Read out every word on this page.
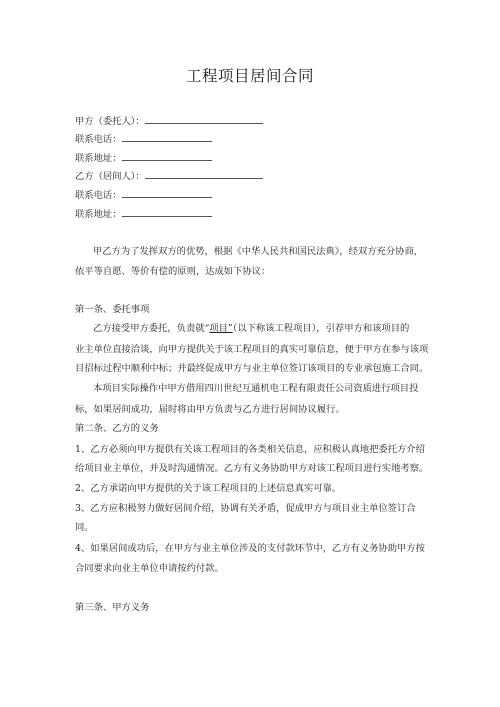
工程项目居间合同
甲方（委托人）：
联系电话：
联系地址：
乙方（居间人）：
联系电话：
联系地址：
甲乙方为了发挥双方的优势，根据《中华人民共和国民法典》，经双方充分协商，
依平等自愿、等价有偿的原则，达成如下协议：
第一条、委托事项
乙方接受甲方委托，负责就“项目”（以下称该工程项目），引荐甲方和该项目的
业主单位直接洽谈，向甲方提供关于该工程项目的真实可靠信息，便于甲方在参与该项
目招标过程中顺利中标；并最终促成甲方与业主单位签订该项目的专业承包施工合同。
本项目实际操作中甲方借用四川世纪互通机电工程有限责任公司资质进行项目投
标，如果居间成功，届时将由甲方负责与乙方进行居间协议履行。
第二条、乙方的义务
1、乙方必须向甲方提供有关该工程项目的各类相关信息，应积极认真地把委托方介绍
给项目业主单位，并及时沟通情况。乙方有义务协助甲方对该工程项目进行实地考察。
2、乙方承诺向甲方提供的关于该工程项目的上述信息真实可靠。
3、乙方应积极努力做好居间介绍，协调有关矛盾，促成甲方与项目业主单位签订合
同。
4、如果居间成功后，在甲方与业主单位涉及的支付款环节中，乙方有义务协助甲方按
合同要求向业主单位申请按约付款。
第三条、甲方义务
